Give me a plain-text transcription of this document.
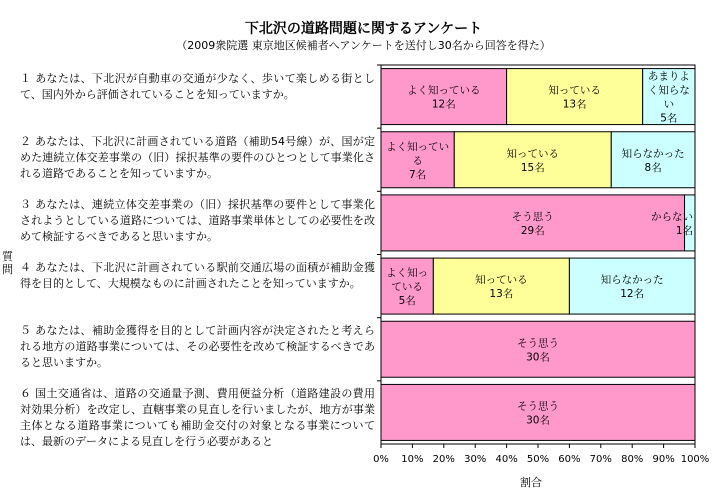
下北沢の道路問題に関するアンケート
（2009衆院選 東京地区候補者へアンケートを送付し30名から回答を得た）
質問
割合
１ あなたは、下北沢が自動車の交通が少なく、歩いて楽しめる街として、国内外から評価されていることを知っていますか。
２ あなたは、下北沢に計画されている道路（補助54号線）が、国が定めた連続立体交差事業の（旧）採択基準の要件のひとつとして事業化される道路であることを知っていますか。
３ あなたは、連続立体交差事業の（旧）採択基準の要件として事業化されようとしている道路については、道路事業単体としての必要性を改めて検証するべきであると思いますか。
４ あなたは、下北沢に計画されている駅前交通広場の面積が補助金獲得を目的として、大規模なものに計画されたことを知っていますか。
５ あなたは、補助金獲得を目的として計画内容が決定されたと考えられる地方の道路事業については、その必要性を改めて検証するべきであると思いますか。
６ 国土交通省は、道路の交通量予測、費用便益分析（道路建設の費用対効果分析）を改定し、直轄事業の見直しを行いましたが、地方が事業主体となる道路事業についても補助金交付の対象となる事業については、最新のデータによる見直しを行う必要があると
0% 10% 20% 30% 40% 50% 60% 70% 80% 90% 100%
よく知っている
12名
知っている
13名
あまりよ
く知らな
い
5名
よく知ってい
る
7名
知っている
15名
知らなかった
8名
そう思う
29名
からない
1名
よく知っ
ている
5名
知っている
13名
知らなかった
12名
そう思う
30名
そう思う
30名
